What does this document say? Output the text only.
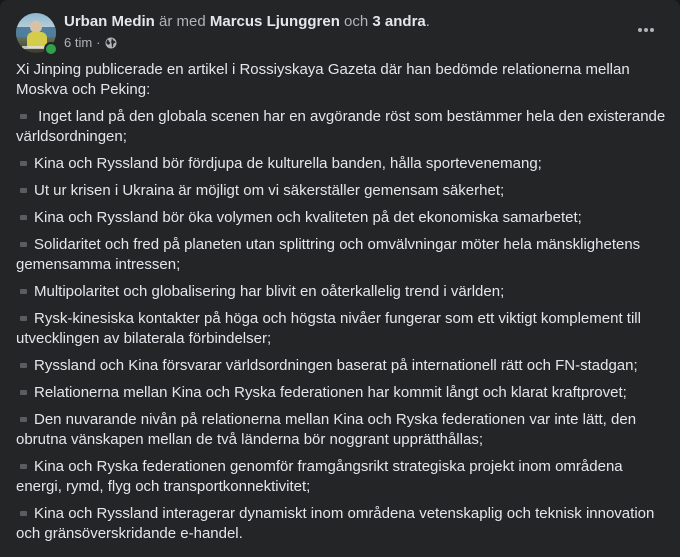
Urban Medin är med Marcus Ljunggren och 3 andra.
6 tim ·

Xi Jinping publicerade en artikel i Rossiyskaya Gazeta där han bedömde relationerna mellan Moskva och Peking:

Inget land på den globala scenen har en avgörande röst som bestämmer hela den existerande världsordningen;

Kina och Ryssland bör fördjupa de kulturella banden, hålla sportevenemang;

Ut ur krisen i Ukraina är möjligt om vi säkerställer gemensam säkerhet;

Kina och Ryssland bör öka volymen och kvaliteten på det ekonomiska samarbetet;

Solidaritet och fred på planeten utan splittring och omvälvningar möter hela mänsklighetens gemensamma intressen;

Multipolaritet och globalisering har blivit en oåterkallelig trend i världen;

Rysk-kinesiska kontakter på höga och högsta nivåer fungerar som ett viktigt komplement till utvecklingen av bilaterala förbindelser;

Ryssland och Kina försvarar världsordningen baserat på internationell rätt och FN-stadgan;

Relationerna mellan Kina och Ryska federationen har kommit långt och klarat kraftprovet;

Den nuvarande nivån på relationerna mellan Kina och Ryska federationen var inte lätt, den obrutna vänskapen mellan de två länderna bör noggrant upprätthållas;

Kina och Ryska federationen genomför framgångsrikt strategiska projekt inom områdena energi, rymd, flyg och transportkonnektivitet;

Kina och Ryssland interagerar dynamiskt inom områdena vetenskaplig och teknisk innovation och gränsöverskridande e-handel.
